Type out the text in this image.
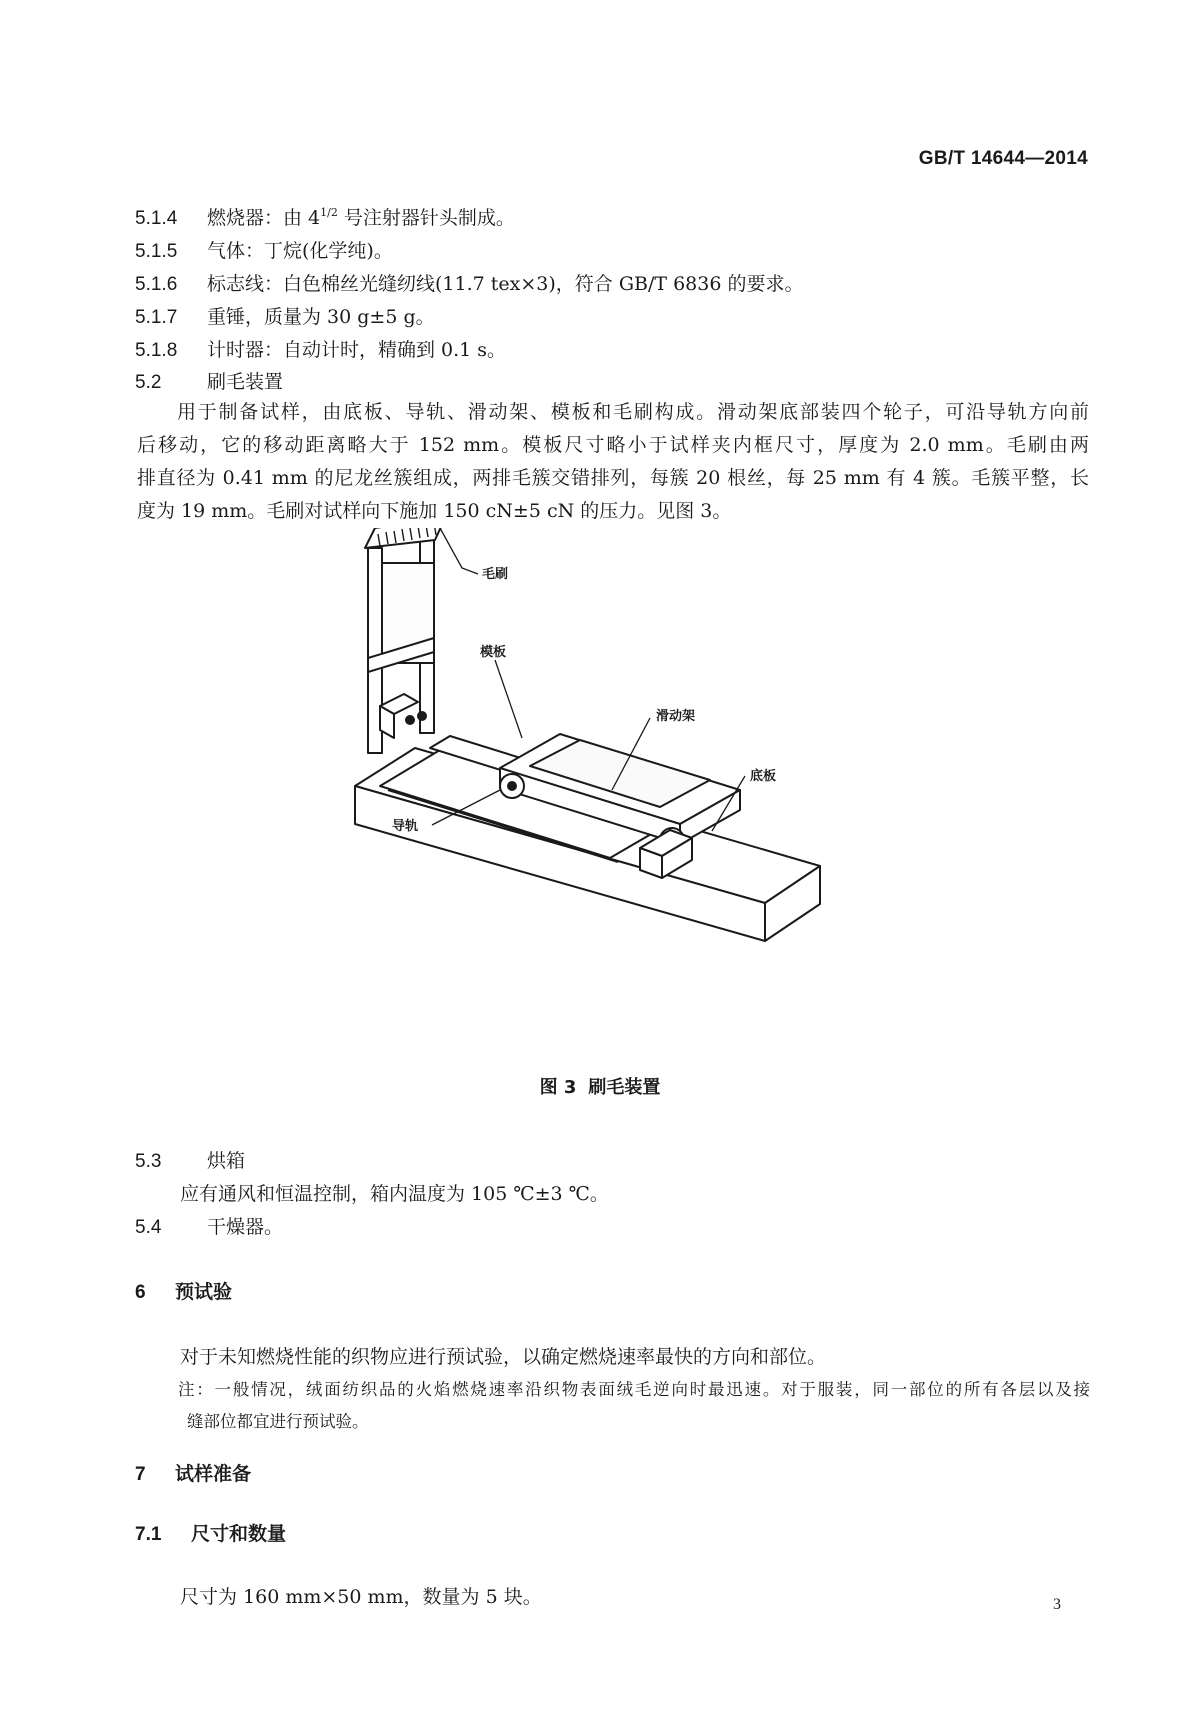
GB/T 14644—2014
5.1.4 燃烧器：由 $4^{1/2}$ 号注射器针头制成。
5.1.5 气体：丁烷(化学纯)。
5.1.6 标志线：白色棉丝光缝纫线(11.7 tex×3)，符合 GB/T 6836 的要求。
5.1.7 重锤，质量为 30 g±5 g。
5.1.8 计时器：自动计时，精确到 0.1 s。
5.2 刷毛装置
用于制备试样，由底板、导轨、滑动架、模板和毛刷构成。滑动架底部装四个轮子，可沿导轨方向前
后移动，它的移动距离略大于 152 mm。模板尺寸略小于试样夹内框尺寸，厚度为 2.0 mm。毛刷由两
排直径为 0.41 mm 的尼龙丝簇组成，两排毛簇交错排列，每簇 20 根丝，每 25 mm 有 4 簇。毛簇平整，长
度为 19 mm。毛刷对试样向下施加 150 cN±5 cN 的压力。见图 3。
毛刷
模板
滑动架
底板
导轨
图 3 刷毛装置
5.3 烘箱
应有通风和恒温控制，箱内温度为 105 ℃±3 ℃。
5.4 干燥器。
6 预试验
对于未知燃烧性能的织物应进行预试验，以确定燃烧速率最快的方向和部位。
注：一般情况，绒面纺织品的火焰燃烧速率沿织物表面绒毛逆向时最迅速。对于服装，同一部位的所有各层以及接
缝部位都宜进行预试验。
7 试样准备
7.1 尺寸和数量
尺寸为 160 mm×50 mm，数量为 5 块。	3
